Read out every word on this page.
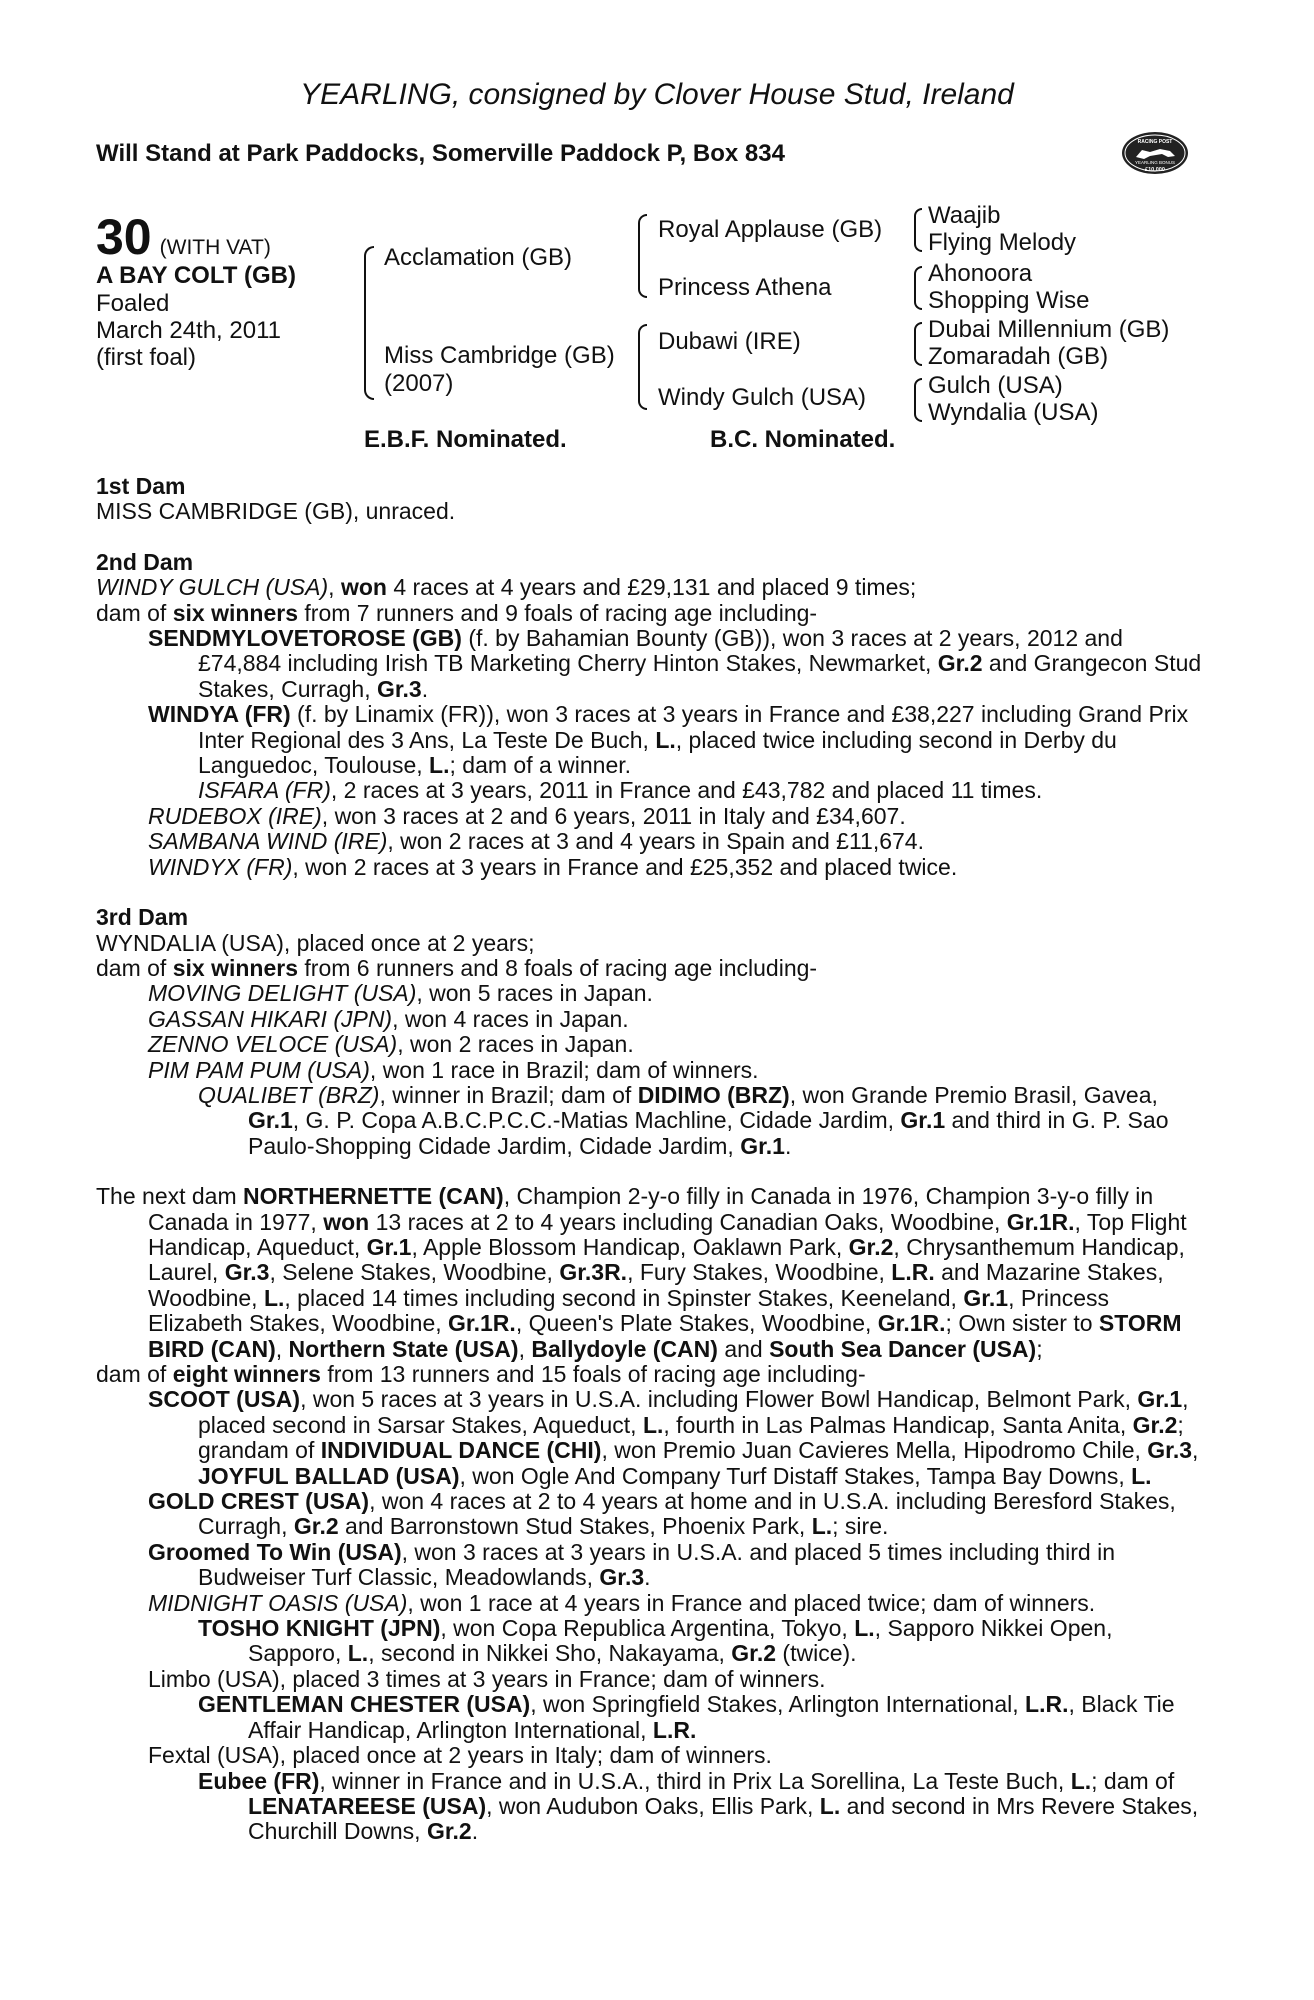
YEARLING, consigned by Clover House Stud, Ireland
Will Stand at Park Paddocks, Somerville Paddock P, Box 834	RACING POST
YEARLING BONUS
£10,000
30 (WITH VAT)
A BAY COLT (GB)
Foaled
March 24th, 2011
(first foal)
Acclamation (GB)
Miss Cambridge (GB)
(2007)
Royal Applause (GB)
Princess Athena
Dubawi (IRE)
Windy Gulch (USA)
Waajib
Flying Melody
Ahonoora
Shopping Wise
Dubai Millennium (GB)
Zomaradah (GB)
Gulch (USA)
Wyndalia (USA)
E.B.F. Nominated.	B.C. Nominated.

1st Dam

MISS CAMBRIDGE (GB), unraced.

2nd Dam

WINDY GULCH (USA), won 4 races at 4 years and £29,131 and placed 9 times;

dam of six winners from 7 runners and 9 foals of racing age including-

SENDMYLOVETOROSE (GB) (f. by Bahamian Bounty (GB)), won 3 races at 2 years, 2012 and £74,884 including Irish TB Marketing Cherry Hinton Stakes, Newmarket, Gr.2 and Grangecon Stud Stakes, Curragh, Gr.3.

WINDYA (FR) (f. by Linamix (FR)), won 3 races at 3 years in France and £38,227 including Grand Prix Inter Regional des 3 Ans, La Teste De Buch, L., placed twice including second in Derby du Languedoc, Toulouse, L.; dam of a winner.

ISFARA (FR), 2 races at 3 years, 2011 in France and £43,782 and placed 11 times.

RUDEBOX (IRE), won 3 races at 2 and 6 years, 2011 in Italy and £34,607.

SAMBANA WIND (IRE), won 2 races at 3 and 4 years in Spain and £11,674.

WINDYX (FR), won 2 races at 3 years in France and £25,352 and placed twice.

3rd Dam

WYNDALIA (USA), placed once at 2 years;

dam of six winners from 6 runners and 8 foals of racing age including-

MOVING DELIGHT (USA), won 5 races in Japan.

GASSAN HIKARI (JPN), won 4 races in Japan.

ZENNO VELOCE (USA), won 2 races in Japan.

PIM PAM PUM (USA), won 1 race in Brazil; dam of winners.

QUALIBET (BRZ), winner in Brazil; dam of DIDIMO (BRZ), won Grande Premio Brasil, Gavea, Gr.1, G. P. Copa A.B.C.P.C.C.-Matias Machline, Cidade Jardim, Gr.1 and third in G. P. Sao Paulo-Shopping Cidade Jardim, Cidade Jardim, Gr.1.

The next dam NORTHERNETTE (CAN), Champion 2-y-o filly in Canada in 1976, Champion 3-y-o filly in Canada in 1977, won 13 races at 2 to 4 years including Canadian Oaks, Woodbine, Gr.1R., Top Flight Handicap, Aqueduct, Gr.1, Apple Blossom Handicap, Oaklawn Park, Gr.2, Chrysanthemum Handicap, Laurel, Gr.3, Selene Stakes, Woodbine, Gr.3R., Fury Stakes, Woodbine, L.R. and Mazarine Stakes, Woodbine, L., placed 14 times including second in Spinster Stakes, Keeneland, Gr.1, Princess Elizabeth Stakes, Woodbine, Gr.1R., Queen's Plate Stakes, Woodbine, Gr.1R.; Own sister to STORM BIRD (CAN), Northern State (USA), Ballydoyle (CAN) and South Sea Dancer (USA);

dam of eight winners from 13 runners and 15 foals of racing age including-

SCOOT (USA), won 5 races at 3 years in U.S.A. including Flower Bowl Handicap, Belmont Park, Gr.1, placed second in Sarsar Stakes, Aqueduct, L., fourth in Las Palmas Handicap, Santa Anita, Gr.2; grandam of INDIVIDUAL DANCE (CHI), won Premio Juan Cavieres Mella, Hipodromo Chile, Gr.3, JOYFUL BALLAD (USA), won Ogle And Company Turf Distaff Stakes, Tampa Bay Downs, L.

GOLD CREST (USA), won 4 races at 2 to 4 years at home and in U.S.A. including Beresford Stakes, Curragh, Gr.2 and Barronstown Stud Stakes, Phoenix Park, L.; sire.

Groomed To Win (USA), won 3 races at 3 years in U.S.A. and placed 5 times including third in Budweiser Turf Classic, Meadowlands, Gr.3.

MIDNIGHT OASIS (USA), won 1 race at 4 years in France and placed twice; dam of winners.

TOSHO KNIGHT (JPN), won Copa Republica Argentina, Tokyo, L., Sapporo Nikkei Open, Sapporo, L., second in Nikkei Sho, Nakayama, Gr.2 (twice).

Limbo (USA), placed 3 times at 3 years in France; dam of winners.

GENTLEMAN CHESTER (USA), won Springfield Stakes, Arlington International, L.R., Black Tie Affair Handicap, Arlington International, L.R.

Fextal (USA), placed once at 2 years in Italy; dam of winners.

Eubee (FR), winner in France and in U.S.A., third in Prix La Sorellina, La Teste Buch, L.; dam of LENATAREESE (USA), won Audubon Oaks, Ellis Park, L. and second in Mrs Revere Stakes, Churchill Downs, Gr.2.
